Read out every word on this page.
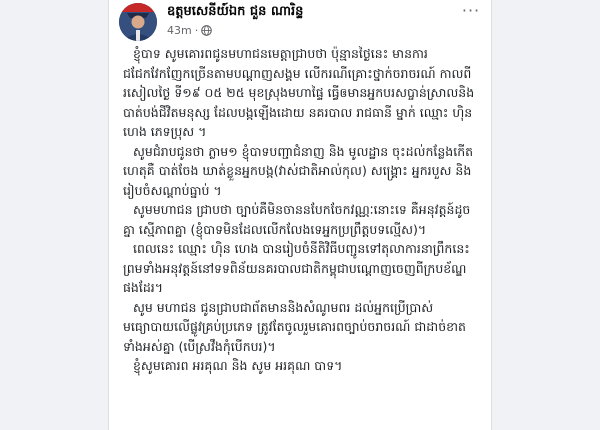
ឧត្តមសេនីយ៍ឯក ជួន ណារិន្ទ
43m ·
···

ខ្ញុំបាទ សូមគោរពជូនមហាជនមេត្តាជ្រាបថា ប៉ុន្មានថ្ងៃនេះ មានការជជែកវែកញែកច្រើនតាមបណ្តាញសង្គម លើករណីគ្រោះថ្នាក់ចរាចរណ៍ កាលពីរសៀលថ្ងៃ ទី១៩ ០៥ ២៥ មុខស្រុងមហាផ្ទៃ ធ្វើឲមានអ្នកបរសប្ចាន់ស្រាលនិងបាត់បង់ជីវិតមនុស្ស ដែលបង្កឡើងដោយ នគរបាល រាជធានី ម្នាក់ ឈ្មោះ ហ៊ិន ហេង ភេទប្រុស ។

សូមជំរាបជូនថា ភ្លាម១ ខ្ញុំបាទបញ្ជាជំនាញ និង មូលដ្ឋាន ចុះដល់កន្លែងកើតហេតុគឺ បាត់ចែង ឃាត់ខ្លួនអ្នកបង្ក(វាស់ជាតិអាល់កុល) សង្គ្រោះ អ្នករបួស និងរៀបចំសណ្តាប់ធ្នាប់ ។

សូមមហាជន ជ្រាបថា ច្បាប់គឺមិនចាននបែកចែកវណ្ណៈនោះទេ គឺអនុវត្តន៍ដូចគ្នា ស្មើភាពគ្នា (ខ្ញុំបាទមិនដែលលើកលែងទេអ្នកប្រព្រឹត្តបទល្មើស)។

ពេលនេះ ឈ្មោះ ហ៊ិន ហេង បានរៀបចំនីតិវិធីបញ្ជូនទៅតុលាការនាព្រឹកនេះ ព្រមទាំងអនុវត្តន៍នៅទទពិន័យនគរបាលជាតិកម្ពុជាបណ្តោញចេញពីក្របខ័ណ្ឌផងដែរ។

សូម មហាជន ជូនជ្រាបជាព័តមាននិងសំណូមពរ ដល់អ្នកប្រើប្រាស់មធ្យោបាយលើផ្លូវគ្រប់ប្រភេទ ត្រូវតែចូលរួមគោរពច្បាប់ចរាចរណ៍ ជាដាច់ខាត ទាំងអស់គ្នា (បើស្រវឹងកុំបើកបរ)។

ខ្ញុំសូមគោរព អរគុណ និង សូម អរគុណ បាទ។
